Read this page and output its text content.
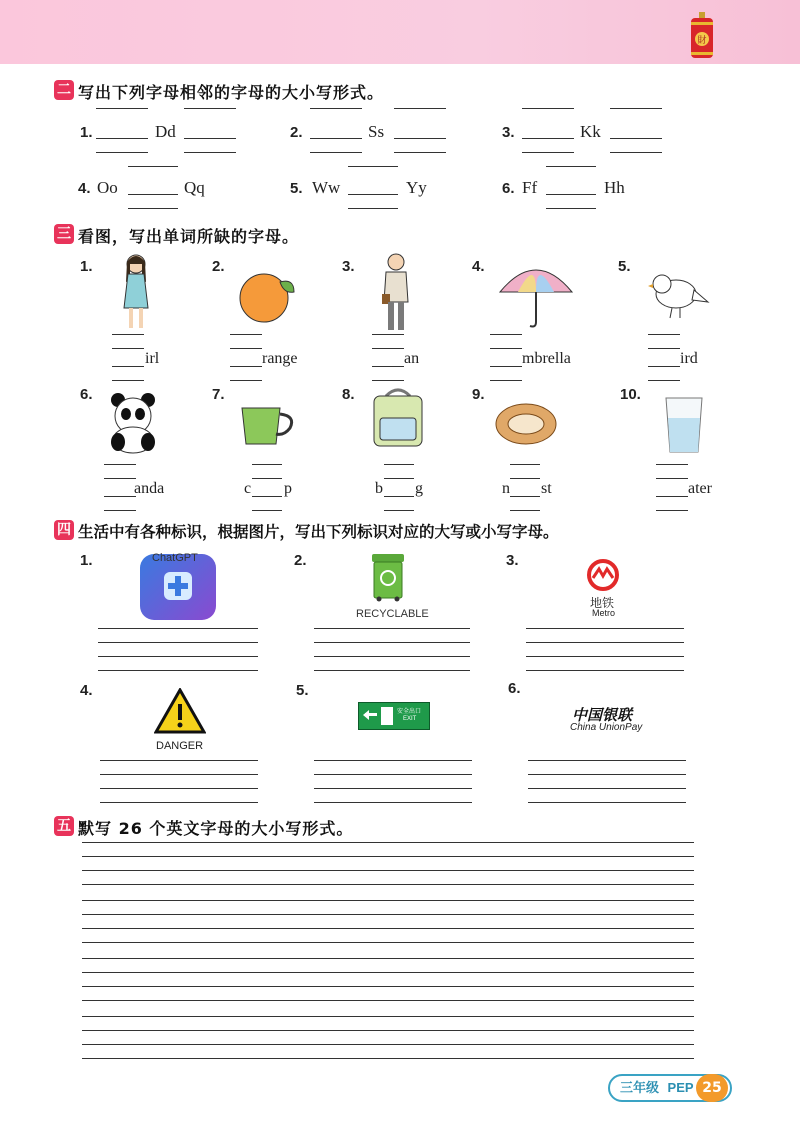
財
二 写出下列字母相邻的字母的大小写形式。
1.	Dd	2.	Ss	3.	Kk
4. Oo	Qq	5. Ww	Yy	6. Ff	Hh
三 看图，写出单词所缺的字母。
1.
irl
2.
range
3.
an
4.
mbrella
5.
ird
6.
anda
7.
c p
8.
b g
9.
n st
10.
ater
四 生活中有各种标识，根据图片，写出下列标识对应的大写或小写字母。
1.	ChatGPT	2.
RECYCLABLE
3.
地铁
Metro
4.
DANGER
5.
安全出口
EXIT
6.
中国银联
China UnionPay
五 默写 26 个英文字母的大小写形式。
三年级 PEP 25
